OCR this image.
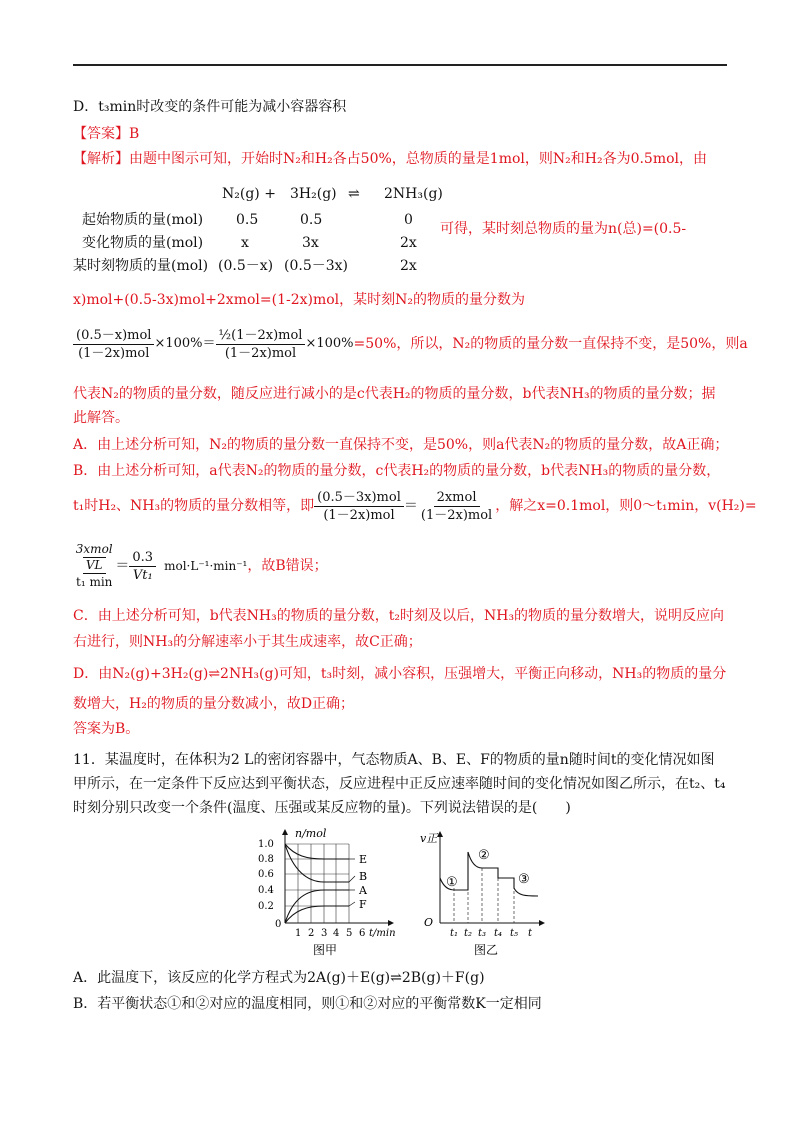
D．t₃min时改变的条件可能为减小容器容积
【答案】B
【解析】由题中图示可知，开始时N₂和H₂各占50%，总物质的量是1mol，则N₂和H₂各为0.5mol，由
N₂(g) + 3H₂(g) ⇌ 2NH₃(g)
起始物质的量(mol) 0.5	0.5	0
变化物质的量(mol)	x	3x	2x
某时刻物质的量(mol) (0.5－x) (0.5－3x)	2x
可得，某时刻总物质的量为n(总)=(0.5-
x)mol+(0.5-3x)mol+2xmol=(1-2x)mol，某时刻N₂的物质的量分数为
$\frac{\text{(0.5－x)mol}}{\text{(1－2x)mol}} \times 100\%= \frac{\text{½(1－2x)mol}}{\text{(1－2x)mol}} \times 100\% =50\%$，所以，N₂的物质的量分数一直保持不变，是50%，则a
代表N₂的物质的量分数，随反应进行减小的是c代表H₂的物质的量分数，b代表NH₃的物质的量分数；据
此解答。
A．由上述分析可知，N₂的物质的量分数一直保持不变，是50%，则a代表N₂的物质的量分数，故A正确；
B．由上述分析可知，a代表N₂的物质的量分数，c代表H₂的物质的量分数，b代表NH₃的物质的量分数，
t₁时H₂、NH₃的物质的量分数相等，即 $\frac{\text{(0.5－3x)mol}}{\text{(1－2x)mol}} = \frac{\text{2xmol}}{\text{(1－2x)mol}}$ ，解之x=0.1mol，则0～t₁min，v(H₂)=
3xmol
VL
t₁ min
＝ $\frac{0.3}{\text{Vt₁}} mol\cdot L^{-1}\cdot\min^{-1}$ ，故B错误；
C．由上述分析可知，b代表NH₃的物质的量分数，t₂时刻及以后，NH₃的物质的量分数增大，说明反应向
右进行，则NH₃的分解速率小于其生成速率，故C正确；
D．由N₂(g)+3H₂(g)⇌2NH₃(g)可知，t₃时刻，减小容积，压强增大，平衡正向移动，NH₃的物质的量分
数增大，H₂的物质的量分数减小，故D正确；
答案为B。
11．某温度时，在体积为2 L的密闭容器中，气态物质A、B、E、F的物质的量n随时间t的变化情况如图
甲所示，在一定条件下反应达到平衡状态，反应进程中正反应速率随时间的变化情况如图乙所示，在t₂、t₄
时刻分别只改变一个条件(温度、压强或某反应物的量)。下列说法错误的是(　　)
n/mol
1.0
0.8
0.6
0.4
0.2
0
E
B
A
F
1 2 3 4 5 6 t/min
图甲
v正
O
①
②
③
t₁ t₂ t₃ t₄ t₅ t
图乙
A．此温度下，该反应的化学方程式为2A(g)＋E(g)⇌2B(g)＋F(g)
B．若平衡状态①和②对应的温度相同，则①和②对应的平衡常数K一定相同
